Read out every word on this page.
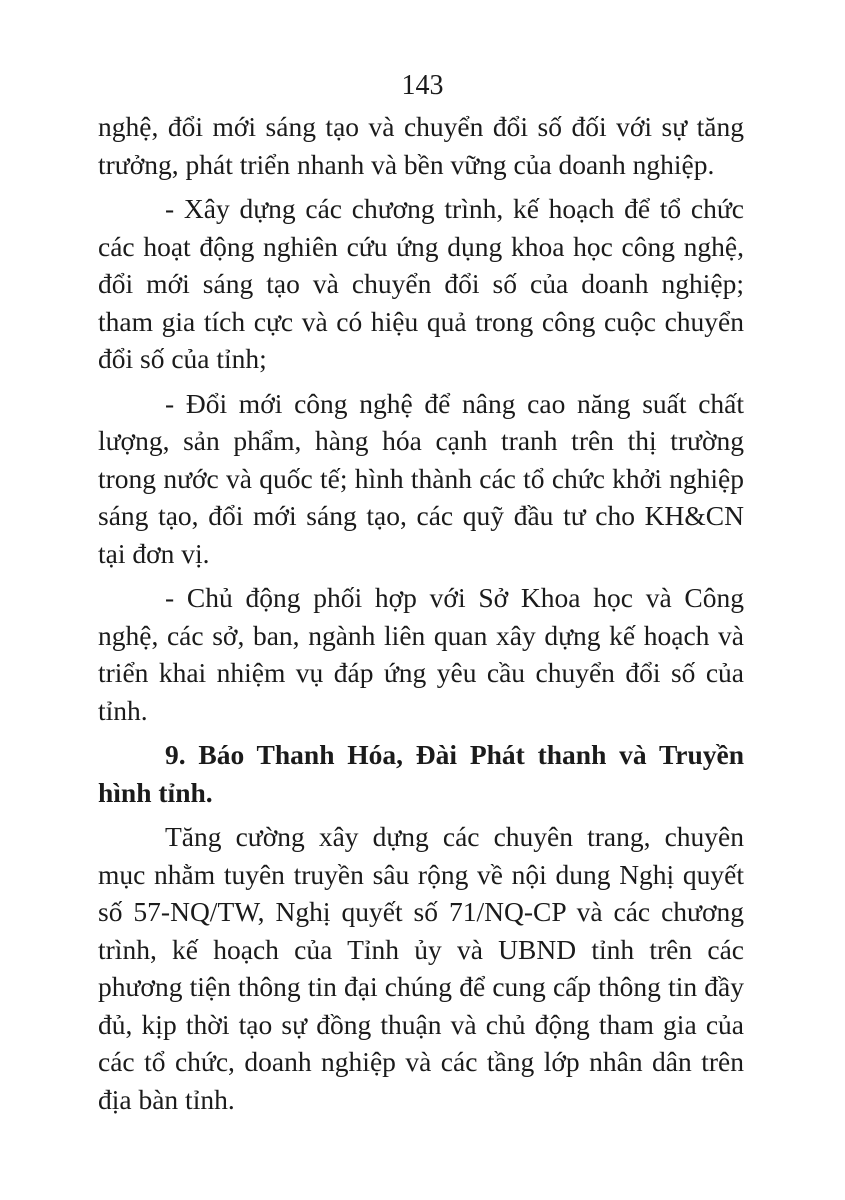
143

nghệ, đổi mới sáng tạo và chuyển đổi số đối với sự tăng trưởng, phát triển nhanh và bền vững của doanh nghiệp.

- Xây dựng các chương trình, kế hoạch để tổ chức các hoạt động nghiên cứu ứng dụng khoa học công nghệ, đổi mới sáng tạo và chuyển đổi số của doanh nghiệp; tham gia tích cực và có hiệu quả trong công cuộc chuyển đổi số của tỉnh;

- Đổi mới công nghệ để nâng cao năng suất chất lượng, sản phẩm, hàng hóa cạnh tranh trên thị trường trong nước và quốc tế; hình thành các tổ chức khởi nghiệp sáng tạo, đổi mới sáng tạo, các quỹ đầu tư cho KH&CN tại đơn vị.

- Chủ động phối hợp với Sở Khoa học và Công nghệ, các sở, ban, ngành liên quan xây dựng kế hoạch và triển khai nhiệm vụ đáp ứng yêu cầu chuyển đổi số của tỉnh.

9. Báo Thanh Hóa, Đài Phát thanh và Truyền hình tỉnh.

Tăng cường xây dựng các chuyên trang, chuyên mục nhằm tuyên truyền sâu rộng về nội dung Nghị quyết số 57-NQ/TW, Nghị quyết số 71/NQ-CP và các chương trình, kế hoạch của Tỉnh ủy và UBND tỉnh trên các phương tiện thông tin đại chúng để cung cấp thông tin đầy đủ, kịp thời tạo sự đồng thuận và chủ động tham gia của các tổ chức, doanh nghiệp và các tầng lớp nhân dân trên địa bàn tỉnh.
